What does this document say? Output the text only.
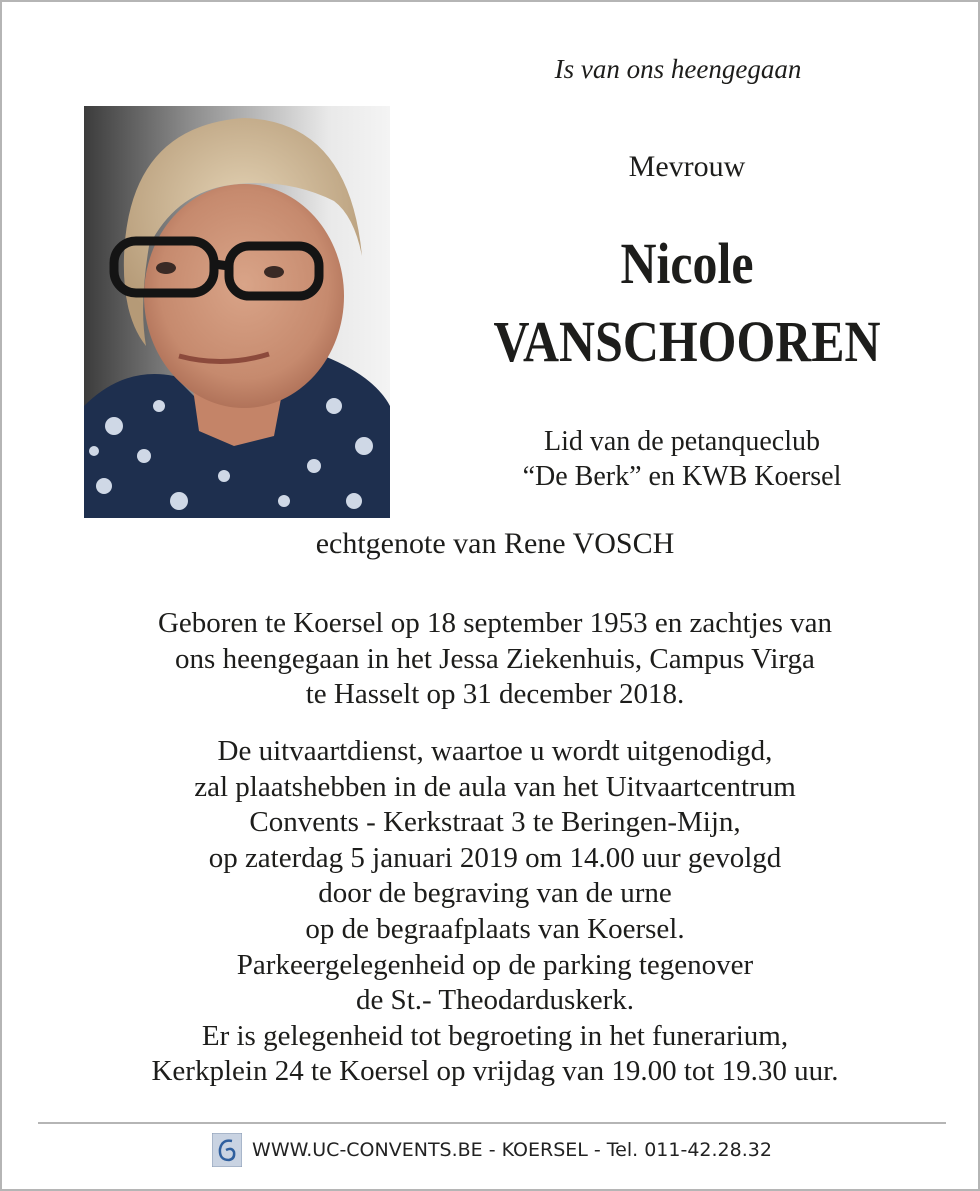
Is van ons heengegaan
Mevrouw
Nicole
VANSCHOOREN
Lid van de petanqueclub
“De Berk” en KWB Koersel
echtgenote van Rene VOSCH
Geboren te Koersel op 18 september 1953 en zachtjes van
ons heengegaan in het Jessa Ziekenhuis, Campus Virga
te Hasselt op 31 december 2018.
De uitvaartdienst, waartoe u wordt uitgenodigd,
zal plaatshebben in de aula van het Uitvaartcentrum
Convents - Kerkstraat 3 te Beringen-Mijn,
op zaterdag 5 januari 2019 om 14.00 uur gevolgd
door de begraving van de urne
op de begraafplaats van Koersel.
Parkeergelegenheid op de parking tegenover
de St.- Theodarduskerk.
Er is gelegenheid tot begroeting in het funerarium,
Kerkplein 24 te Koersel op vrijdag van 19.00 tot 19.30 uur.
WWW.UC-CONVENTS.BE - KOERSEL - Tel. 011-42.28.32
